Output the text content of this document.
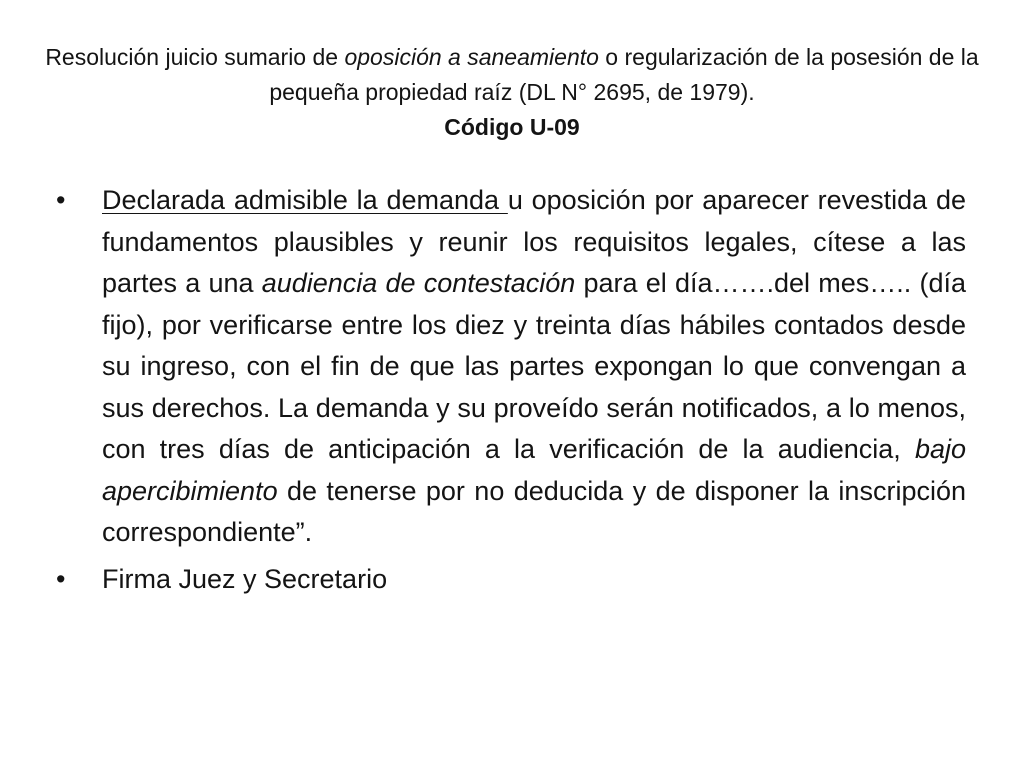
Resolución juicio sumario de oposición a saneamiento o regularización de la posesión de la pequeña propiedad raíz (DL N° 2695, de 1979).
Código U-09
• Declarada admisible la demanda u oposición por aparecer revestida de fundamentos plausibles y reunir los requisitos legales, cítese a las partes a una audiencia de contestación para el día…….del mes….. (día fijo), por verificarse entre los diez y treinta días hábiles contados desde su ingreso, con el fin de que las partes expongan lo que convengan a sus derechos. La demanda y su proveído serán notificados, a lo menos, con tres días de anticipación a la verificación de la audiencia, bajo apercibimiento de tenerse por no deducida y de disponer la inscripción correspondiente”.
• Firma Juez y Secretario
